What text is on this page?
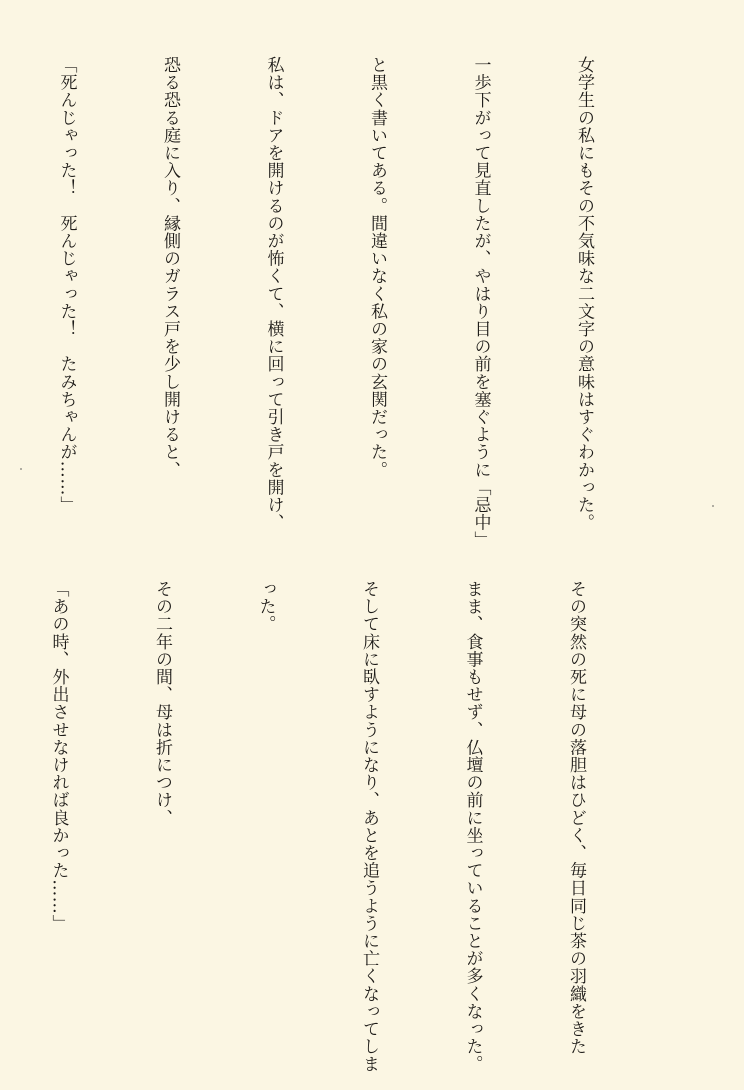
女学生の私にもその不気味な二文字の意味はすぐわかった。

一歩下がって見直したが、やはり目の前を塞ぐように「忌中」

と黒く書いてある。間違いなく私の家の玄関だった。

私は、ドアを開けるのが怖くて、横に回って引き戸を開け、

恐る恐る庭に入り、縁側のガラス戸を少し開けると、

「死んじゃった！　死んじゃった！　たみちゃんが……」

その突然の死に母の落胆はひどく、毎日同じ茶の羽織をきた

まま、食事もせず、仏壇の前に坐っていることが多くなった。

そして床に臥すようになり、あとを追うように亡くなってしま

った。

その二年の間、母は折につけ、

「あの時、外出させなければ良かった……」
